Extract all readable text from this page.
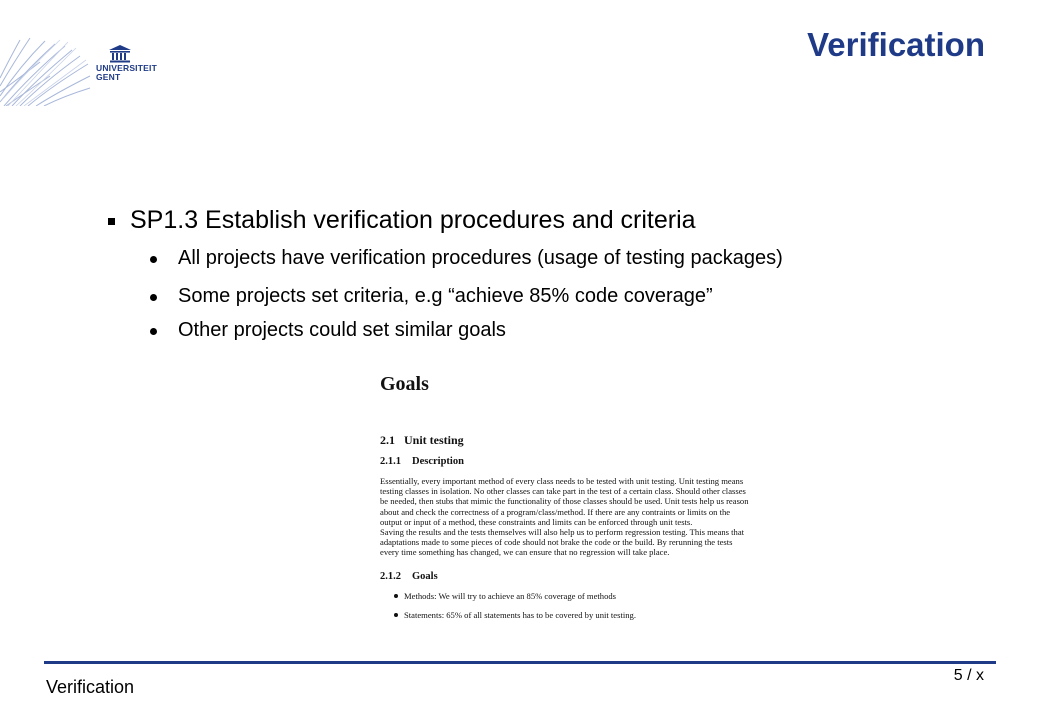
UNIVERSITEIT
GENT
Verification
SP1.3 Establish verification procedures and criteria
All projects have verification procedures (usage of testing packages)
Some projects set criteria, e.g “achieve 85% code coverage”
Other projects could set similar goals
Goals
2.1 Unit testing
2.1.1	Description

Essentially, every important method of every class needs to be tested with unit testing. Unit testing means

testing classes in isolation. No other classes can take part in the test of a certain class. Should other classes

be needed, then stubs that mimic the functionality of those classes should be used. Unit tests help us reason

about and check the correctness of a program/class/method. If there are any contraints or limits on the

output or input of a method, these constraints and limits can be enforced through unit tests.

Saving the results and the tests themselves will also help us to perform regression testing. This means that

adaptations made to some pieces of code should not brake the code or the build. By rerunning the tests

every time something has changed, we can ensure that no regression will take place.

2.1.2	Goals
Methods: We will try to achieve an 85% coverage of methods
Statements: 65% of all statements has to be covered by unit testing.
Verification
5 / x
